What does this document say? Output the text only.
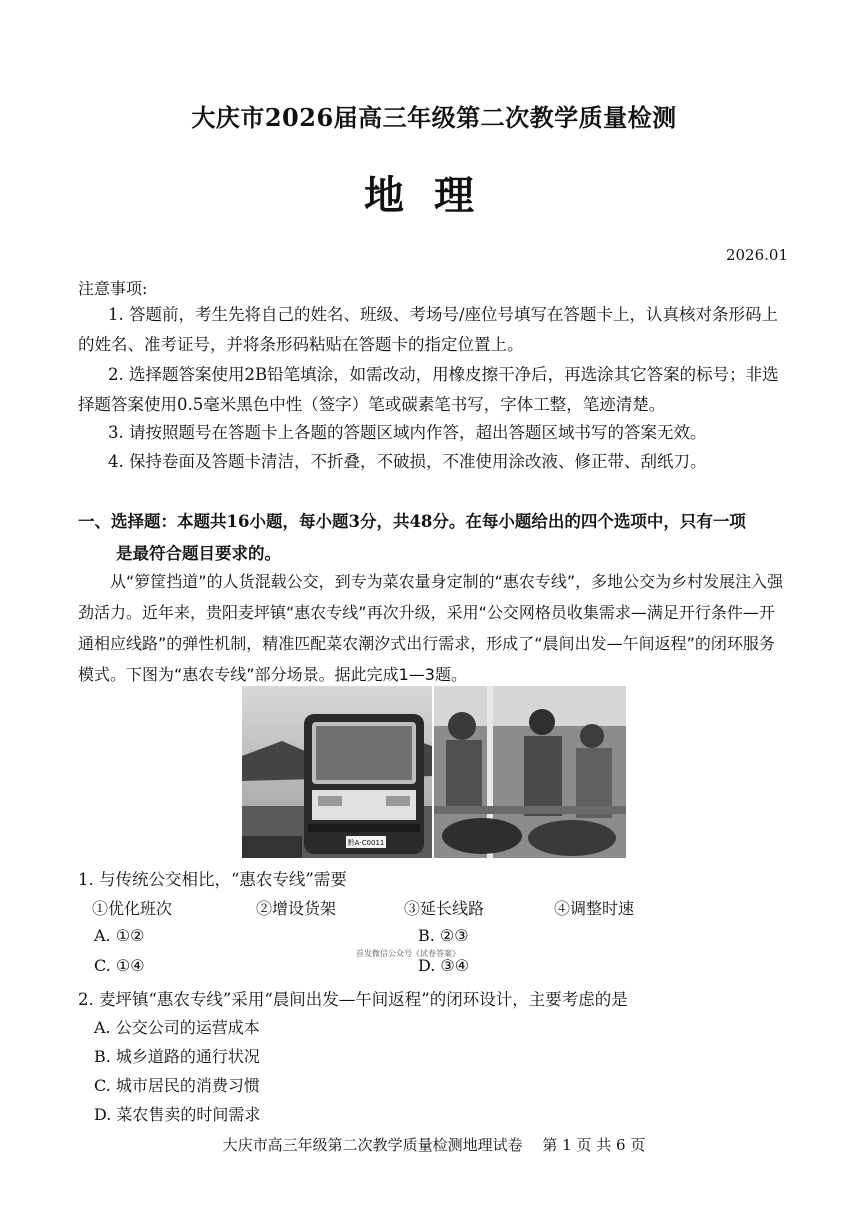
大庆市2026届高三年级第二次教学质量检测
地理
2026.01
注意事项:
1. 答题前，考生先将自己的姓名、班级、考场号/座位号填写在答题卡上，认真核对条形码上的姓名、准考证号，并将条形码粘贴在答题卡的指定位置上。
2. 选择题答案使用2B铅笔填涂，如需改动，用橡皮擦干净后，再选涂其它答案的标号；非选择题答案使用0.5毫米黑色中性（签字）笔或碳素笔书写，字体工整，笔迹清楚。
3. 请按照题号在答题卡上各题的答题区域内作答，超出答题区域书写的答案无效。
4. 保持卷面及答题卡清洁，不折叠，不破损，不准使用涂改液、修正带、刮纸刀。
一、选择题：本题共16小题，每小题3分，共48分。在每小题给出的四个选项中，只有一项
是最符合题目要求的。
从“箩筐挡道”的人货混载公交，到专为菜农量身定制的“惠农专线”，多地公交为乡村发展注入强劲活力。近年来，贵阳麦坪镇“惠农专线”再次升级，采用“公交网格员收集需求—满足开行条件—开通相应线路”的弹性机制，精准匹配菜农潮汐式出行需求，形成了“晨间出发—午间返程”的闭环服务模式。下图为“惠农专线”部分场景。据此完成1—3题。
黔A·C0011
1. 与传统公交相比，“惠农专线”需要
①优化班次	②增设货架	③延长线路	④调整时速
A. ①②	B. ②③
C. ①④	D. ③④
首发微信公众号《试卷答案》
2. 麦坪镇“惠农专线”采用“晨间出发—午间返程”的闭环设计，主要考虑的是
A. 公交公司的运营成本
B. 城乡道路的通行状况
C. 城市居民的消费习惯
D. 菜农售卖的时间需求
大庆市高三年级第二次教学质量检测地理试卷　 第 1 页 共 6 页
